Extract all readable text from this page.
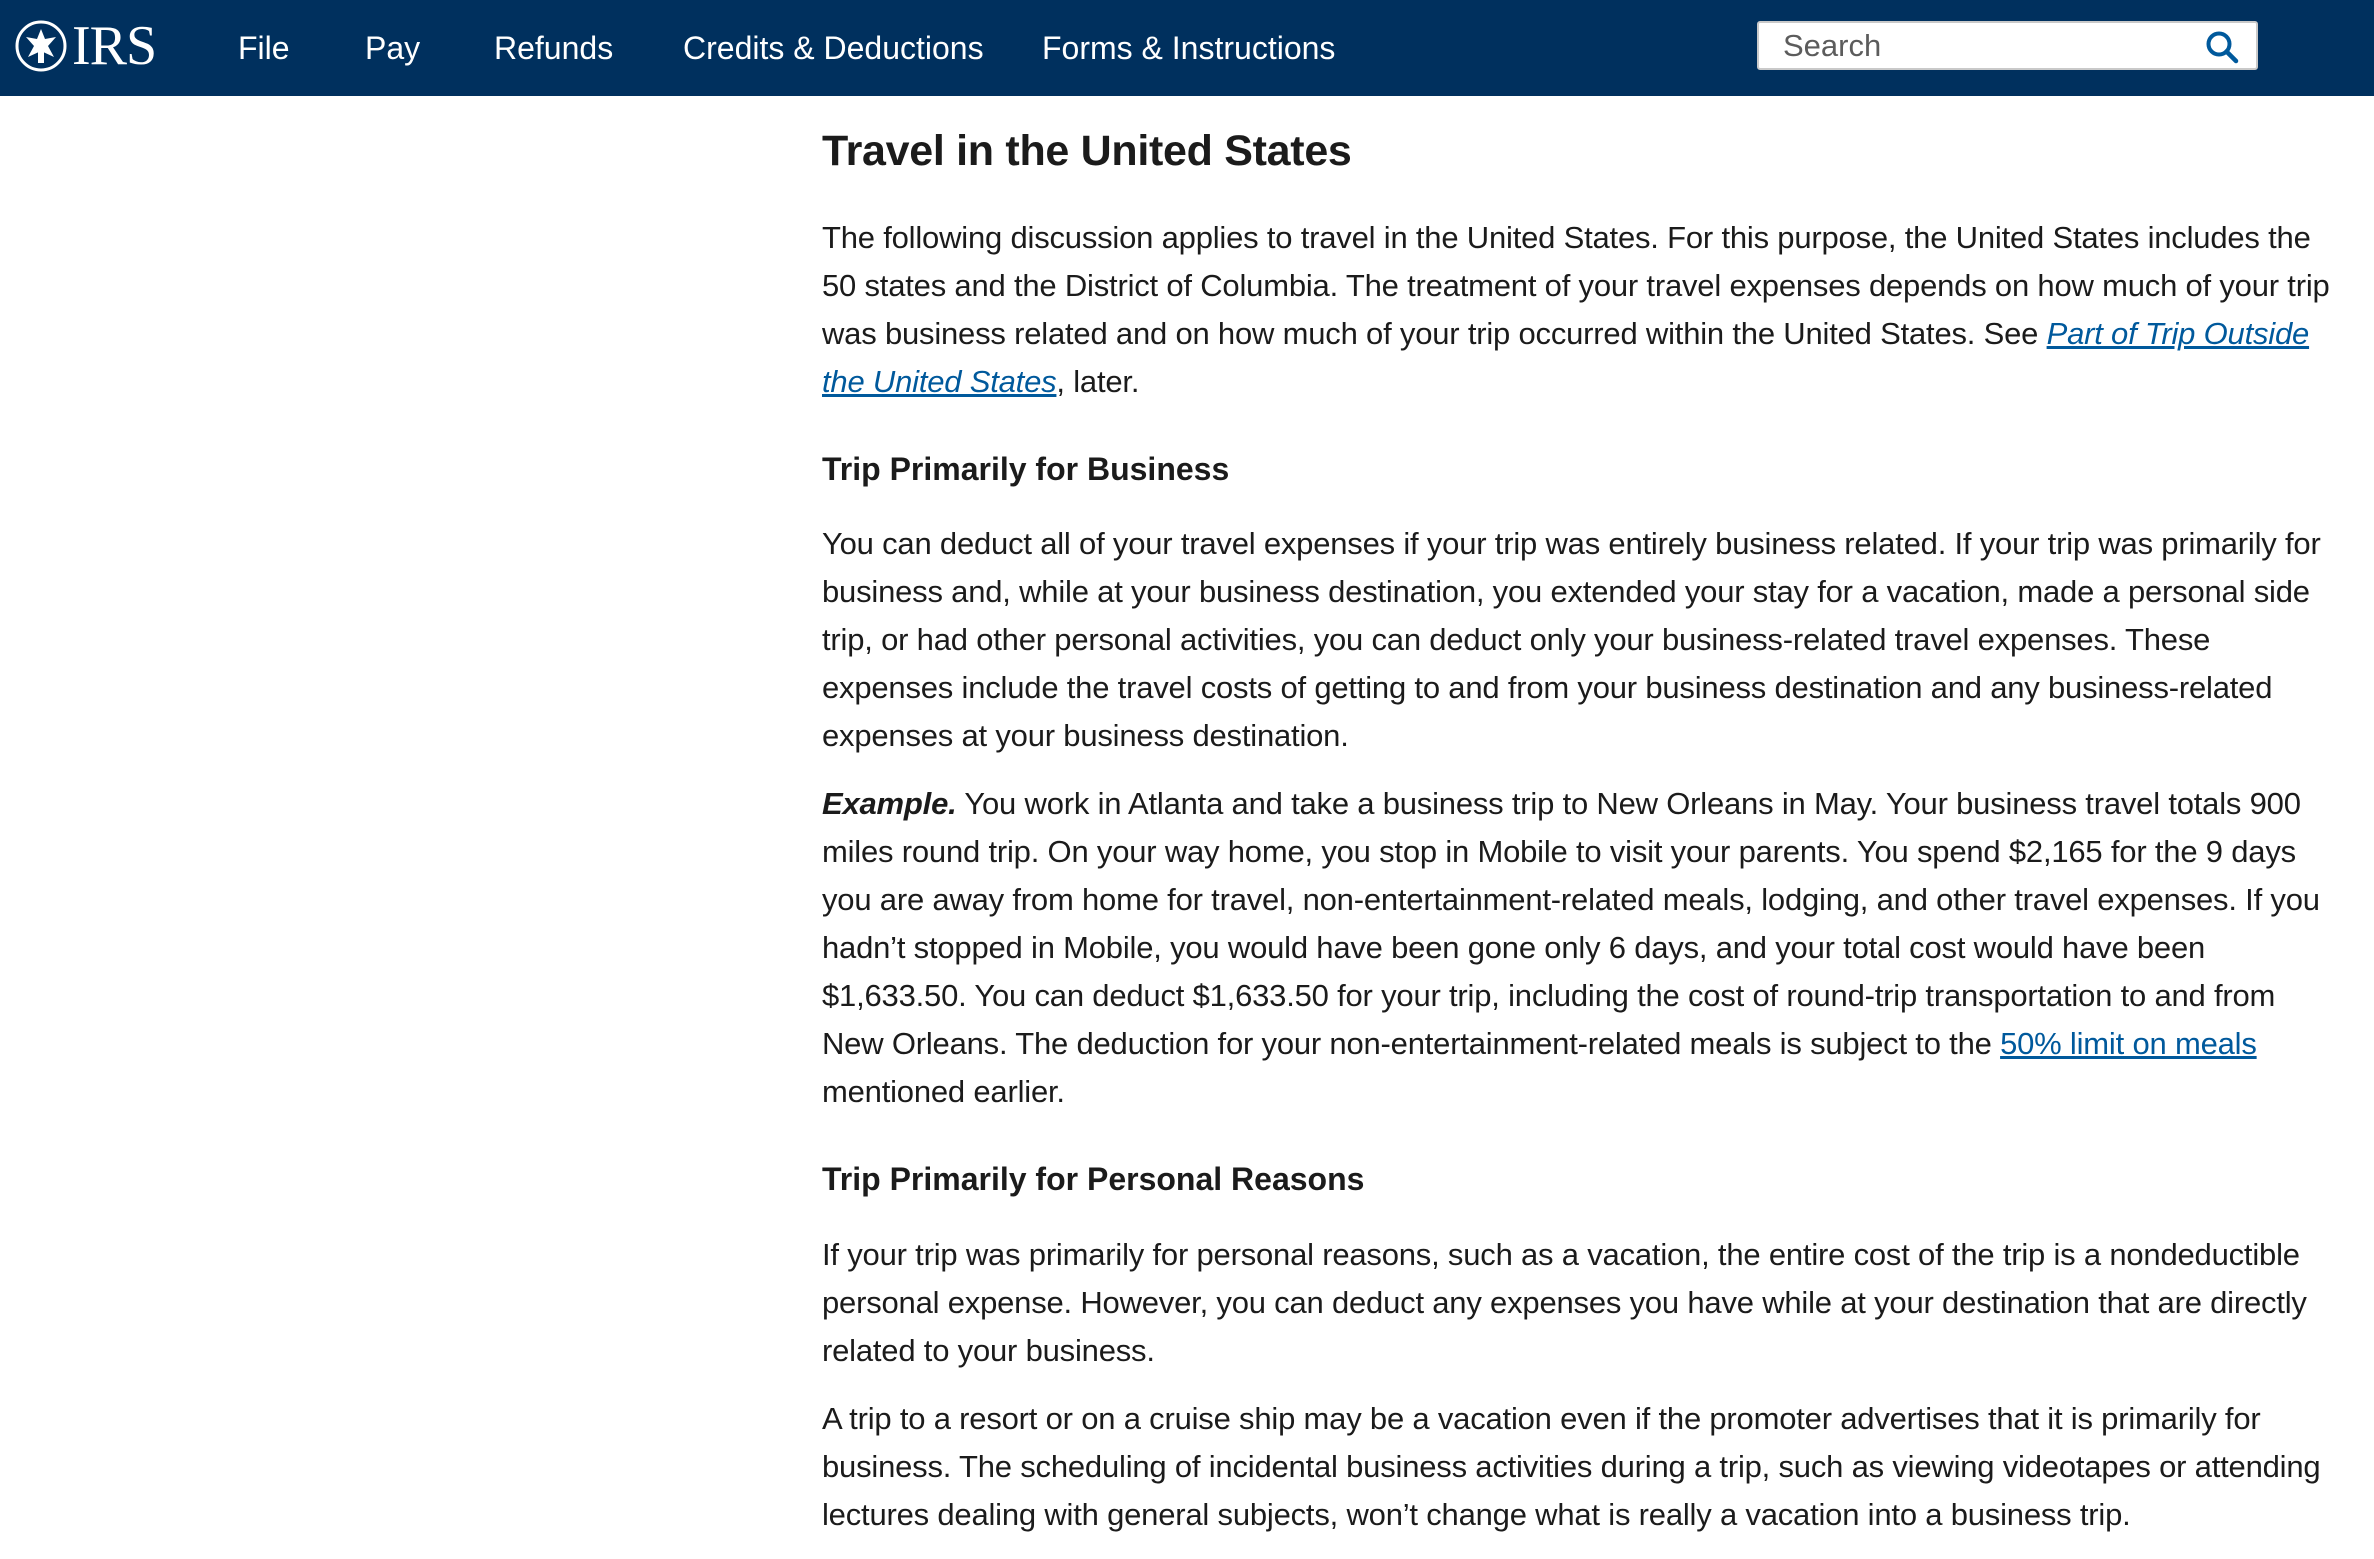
IRS	File Pay Refunds Credits & Deductions Forms & Instructions
Search
Travel in the United States

The following discussion applies to travel in the United States. For this purpose, the United States includes the 50 states and the District of Columbia. The treatment of your travel expenses depends on how much of your trip was business related and on how much of your trip occurred within the United States. See Part of Trip Outside the United States, later.

Trip Primarily for Business

You can deduct all of your travel expenses if your trip was entirely business related. If your trip was primarily for business and, while at your business destination, you extended your stay for a vacation, made a personal side trip, or had other personal activities, you can deduct only your business-related travel expenses. These expenses include the travel costs of getting to and from your business destination and any business-related expenses at your business destination.

Example. You work in Atlanta and take a business trip to New Orleans in May. Your business travel totals 900 miles round trip. On your way home, you stop in Mobile to visit your parents. You spend $2,165 for the 9 days you are away from home for travel, non-entertainment-related meals, lodging, and other travel expenses. If you hadn’t stopped in Mobile, you would have been gone only 6 days, and your total cost would have been $1,633.50. You can deduct $1,633.50 for your trip, including the cost of round-trip transportation to and from New Orleans. The deduction for your non-entertainment-related meals is subject to the 50% limit on meals mentioned earlier.

Trip Primarily for Personal Reasons

If your trip was primarily for personal reasons, such as a vacation, the entire cost of the trip is a nondeductible personal expense. However, you can deduct any expenses you have while at your destination that are directly related to your business.

A trip to a resort or on a cruise ship may be a vacation even if the promoter advertises that it is primarily for business. The scheduling of incidental business activities during a trip, such as viewing videotapes or attending lectures dealing with general subjects, won’t change what is really a vacation into a business trip.
